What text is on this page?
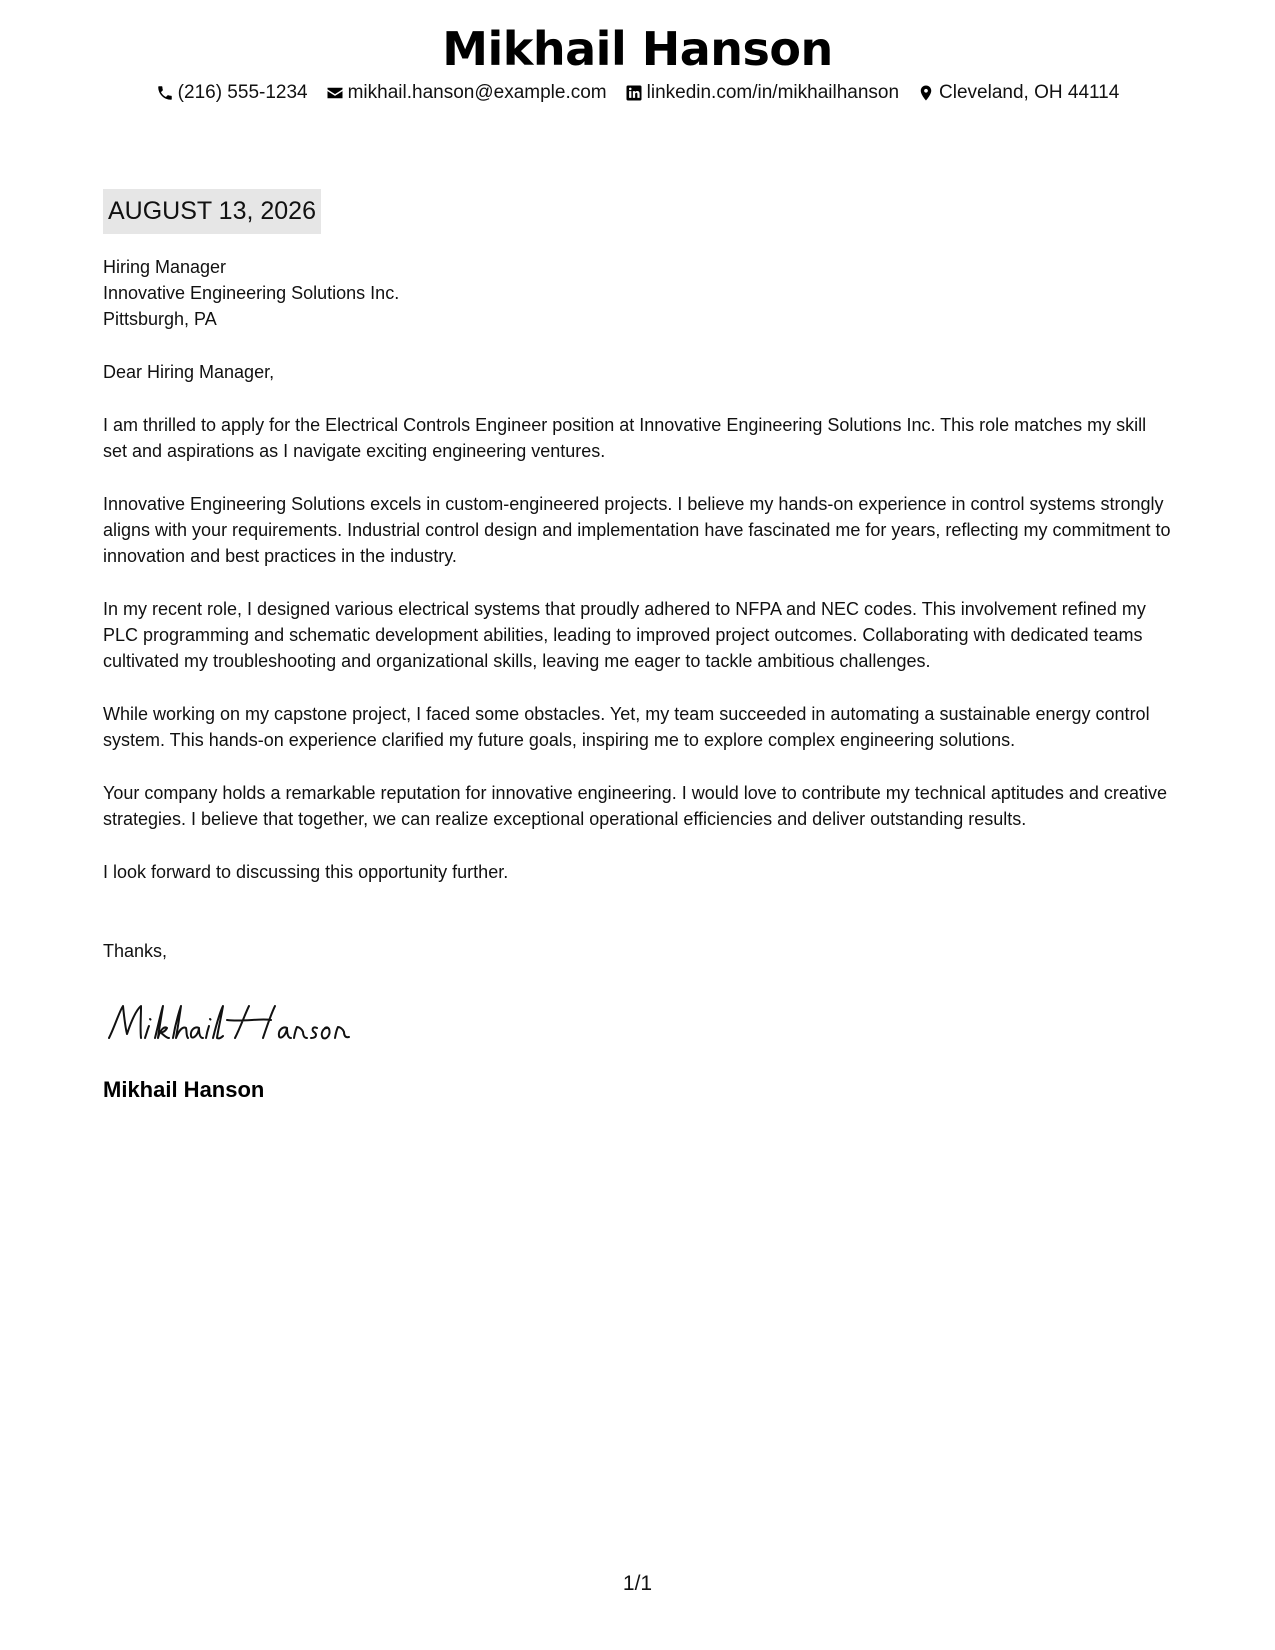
Mikhail Hanson
(216) 555-1234 mikhail.hanson@example.com linkedin.com/in/mikhailhanson Cleveland, OH 44114
AUGUST 13, 2026
Hiring Manager
Innovative Engineering Solutions Inc.
Pittsburgh, PA
Dear Hiring Manager,

I am thrilled to apply for the Electrical Controls Engineer position at Innovative Engineering Solutions Inc. This role matches my skill set and aspirations as I navigate exciting engineering ventures.

Innovative Engineering Solutions excels in custom-engineered projects. I believe my hands-on experience in control systems strongly aligns with your requirements. Industrial control design and implementation have fascinated me for years, reflecting my commitment to innovation and best practices in the industry.

In my recent role, I designed various electrical systems that proudly adhered to NFPA and NEC codes. This involvement refined my PLC programming and schematic development abilities, leading to improved project outcomes. Collaborating with dedicated teams cultivated my troubleshooting and organizational skills, leaving me eager to tackle ambitious challenges.

While working on my capstone project, I faced some obstacles. Yet, my team succeeded in automating a sustainable energy control system. This hands-on experience clarified my future goals, inspiring me to explore complex engineering solutions.

Your company holds a remarkable reputation for innovative engineering. I would love to contribute my technical aptitudes and creative strategies. I believe that together, we can realize exceptional operational efficiencies and deliver outstanding results.

I look forward to discussing this opportunity further.

Thanks,
Mikhail Hanson
Mikhail Hanson
1/1
